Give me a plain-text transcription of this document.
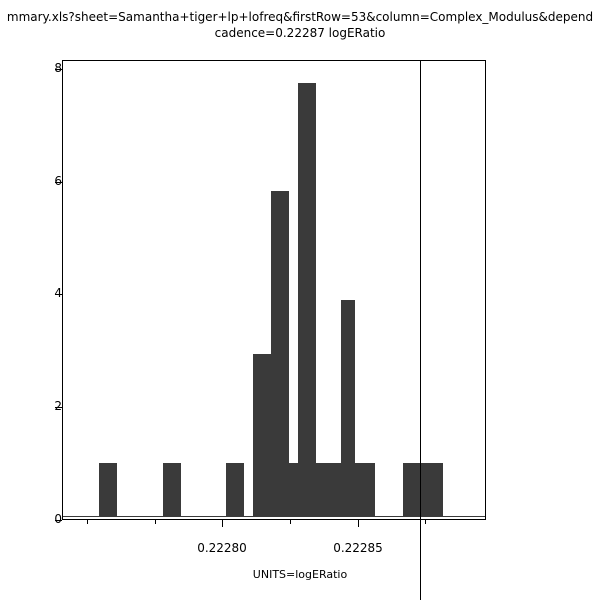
mmary.xls?sheet=Samantha+tiger+lp+lofreq&firstRow=53&column=Complex_Modulus&depend
cadence=0.22287 logERatio
0
2
4
6
8
0.22280	0.22285
UNITS=logERatio
